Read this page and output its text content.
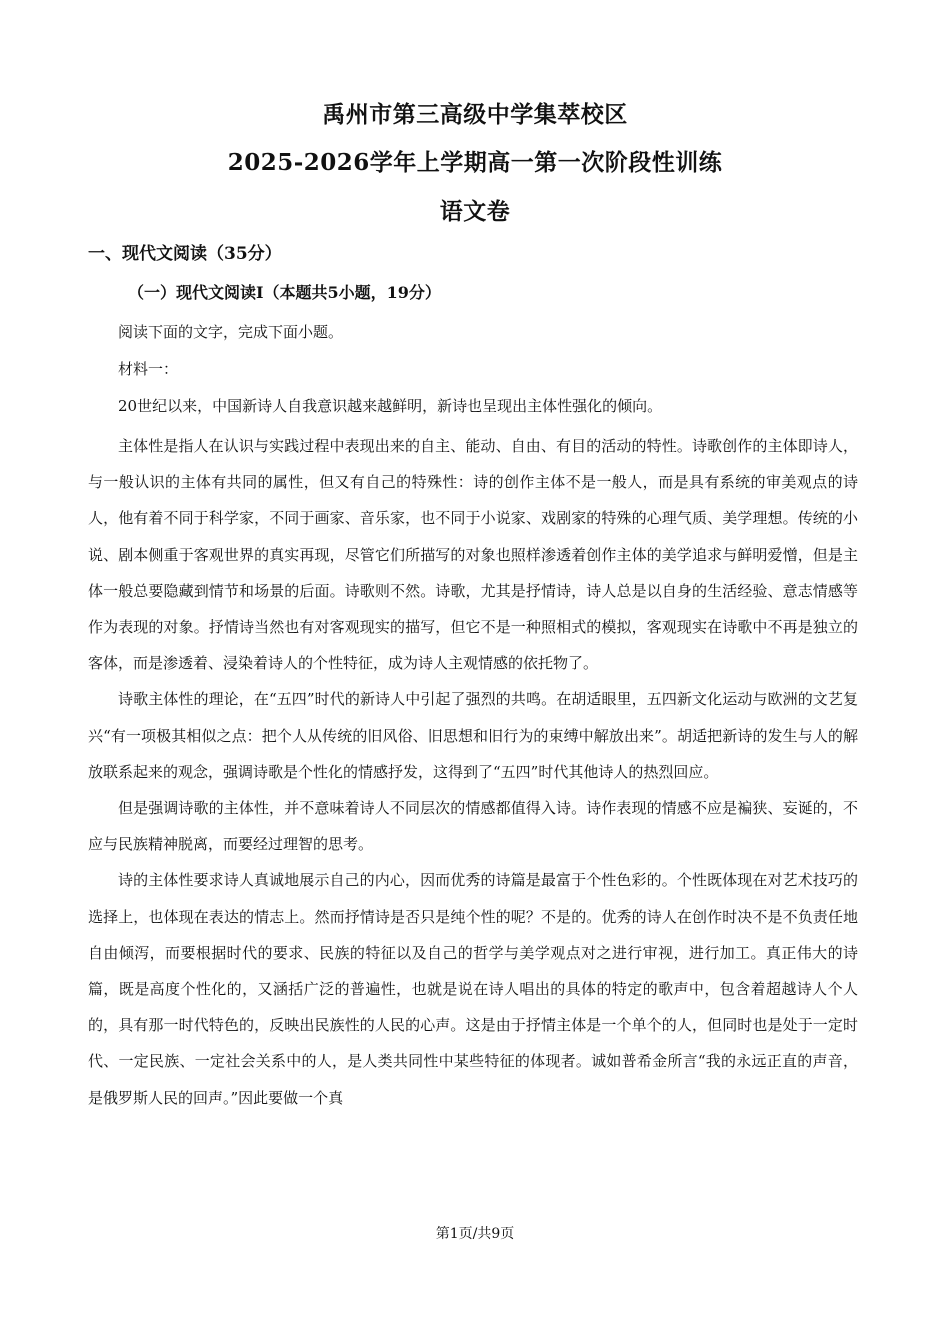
禹州市第三高级中学集萃校区
2025-2026学年上学期高一第一次阶段性训练
语文卷
一、现代文阅读（35分）
（一）现代文阅读Ⅰ（本题共5小题，19分）
阅读下面的文字，完成下面小题。
材料一：
20世纪以来，中国新诗人自我意识越来越鲜明，新诗也呈现出主体性强化的倾向。

主体性是指人在认识与实践过程中表现出来的自主、能动、自由、有目的活动的特性。诗歌创作的主体即诗人，与一般认识的主体有共同的属性，但又有自己的特殊性：诗的创作主体不是一般人，而是具有系统的审美观点的诗人，他有着不同于科学家，不同于画家、音乐家，也不同于小说家、戏剧家的特殊的心理气质、美学理想。传统的小说、剧本侧重于客观世界的真实再现，尽管它们所描写的对象也照样渗透着创作主体的美学追求与鲜明爱憎，但是主体一般总要隐藏到情节和场景的后面。诗歌则不然。诗歌，尤其是抒情诗，诗人总是以自身的生活经验、意志情感等作为表现的对象。抒情诗当然也有对客观现实的描写，但它不是一种照相式的模拟，客观现实在诗歌中不再是独立的客体，而是渗透着、浸染着诗人的个性特征，成为诗人主观情感的依托物了。

诗歌主体性的理论，在“五四”时代的新诗人中引起了强烈的共鸣。在胡适眼里，五四新文化运动与欧洲的文艺复兴“有一项极其相似之点：把个人从传统的旧风俗、旧思想和旧行为的束缚中解放出来”。胡适把新诗的发生与人的解放联系起来的观念，强调诗歌是个性化的情感抒发，这得到了“五四”时代其他诗人的热烈回应。

但是强调诗歌的主体性，并不意味着诗人不同层次的情感都值得入诗。诗作表现的情感不应是褊狭、妄诞的，不应与民族精神脱离，而要经过理智的思考。

诗的主体性要求诗人真诚地展示自己的内心，因而优秀的诗篇是最富于个性色彩的。个性既体现在对艺术技巧的选择上，也体现在表达的情志上。然而抒情诗是否只是纯个性的呢？不是的。优秀的诗人在创作时决不是不负责任地自由倾泻，而要根据时代的要求、民族的特征以及自己的哲学与美学观点对之进行审视，进行加工。真正伟大的诗篇，既是高度个性化的，又涵括广泛的普遍性，也就是说在诗人唱出的具体的特定的歌声中，包含着超越诗人个人的，具有那一时代特色的，反映出民族性的人民的心声。这是由于抒情主体是一个单个的人，但同时也是处于一定时代、一定民族、一定社会关系中的人，是人类共同性中某些特征的体现者。诚如普希金所言“我的永远正直的声音，是俄罗斯人民的回声。”因此要做一个真

第1页/共9页
